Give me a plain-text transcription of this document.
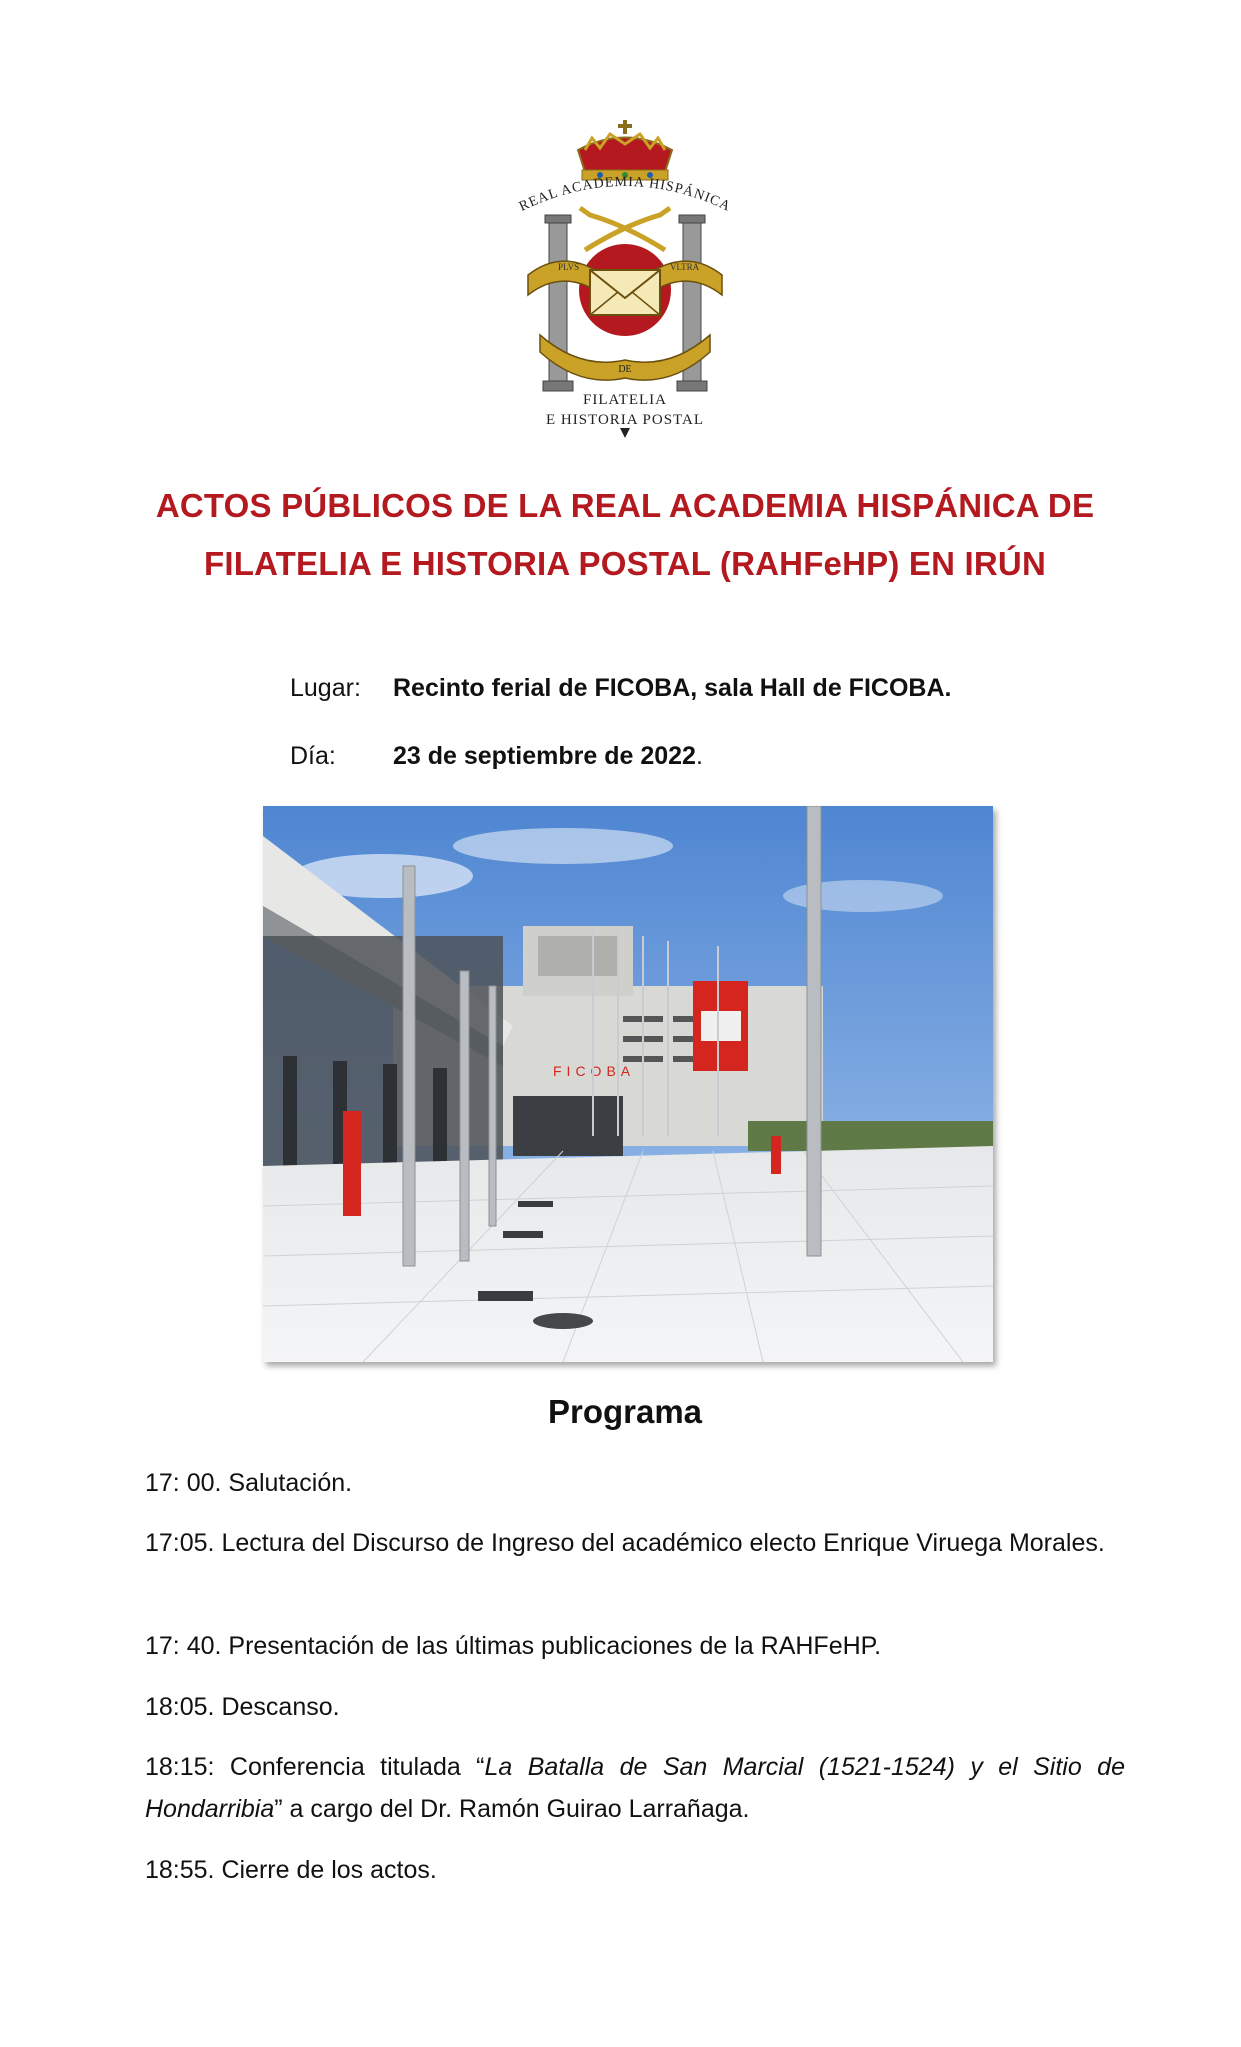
REAL ACADEMIA HISPÁNICA
PLVS	VLTRA
DE
FILATELIA
E HISTORIA POSTAL
ACTOS PÚBLICOS DE LA REAL ACADEMIA HISPÁNICA DE
FILATELIA E HISTORIA POSTAL (RAHFeHP) EN IRÚN
Lugar: Recinto ferial de FICOBA, sala Hall de FICOBA.
Día: 23 de septiembre de 2022.
FICOBA
Programa
17: 00. Salutación.
17:05. Lectura del Discurso de Ingreso del académico electo Enrique Viruega Morales.
17: 40. Presentación de las últimas publicaciones de la RAHFeHP.
18:05. Descanso.
18:15: Conferencia titulada “La Batalla de San Marcial (1521-1524) y el Sitio de Hondarribia” a cargo del Dr. Ramón Guirao Larrañaga.
18:55. Cierre de los actos.
